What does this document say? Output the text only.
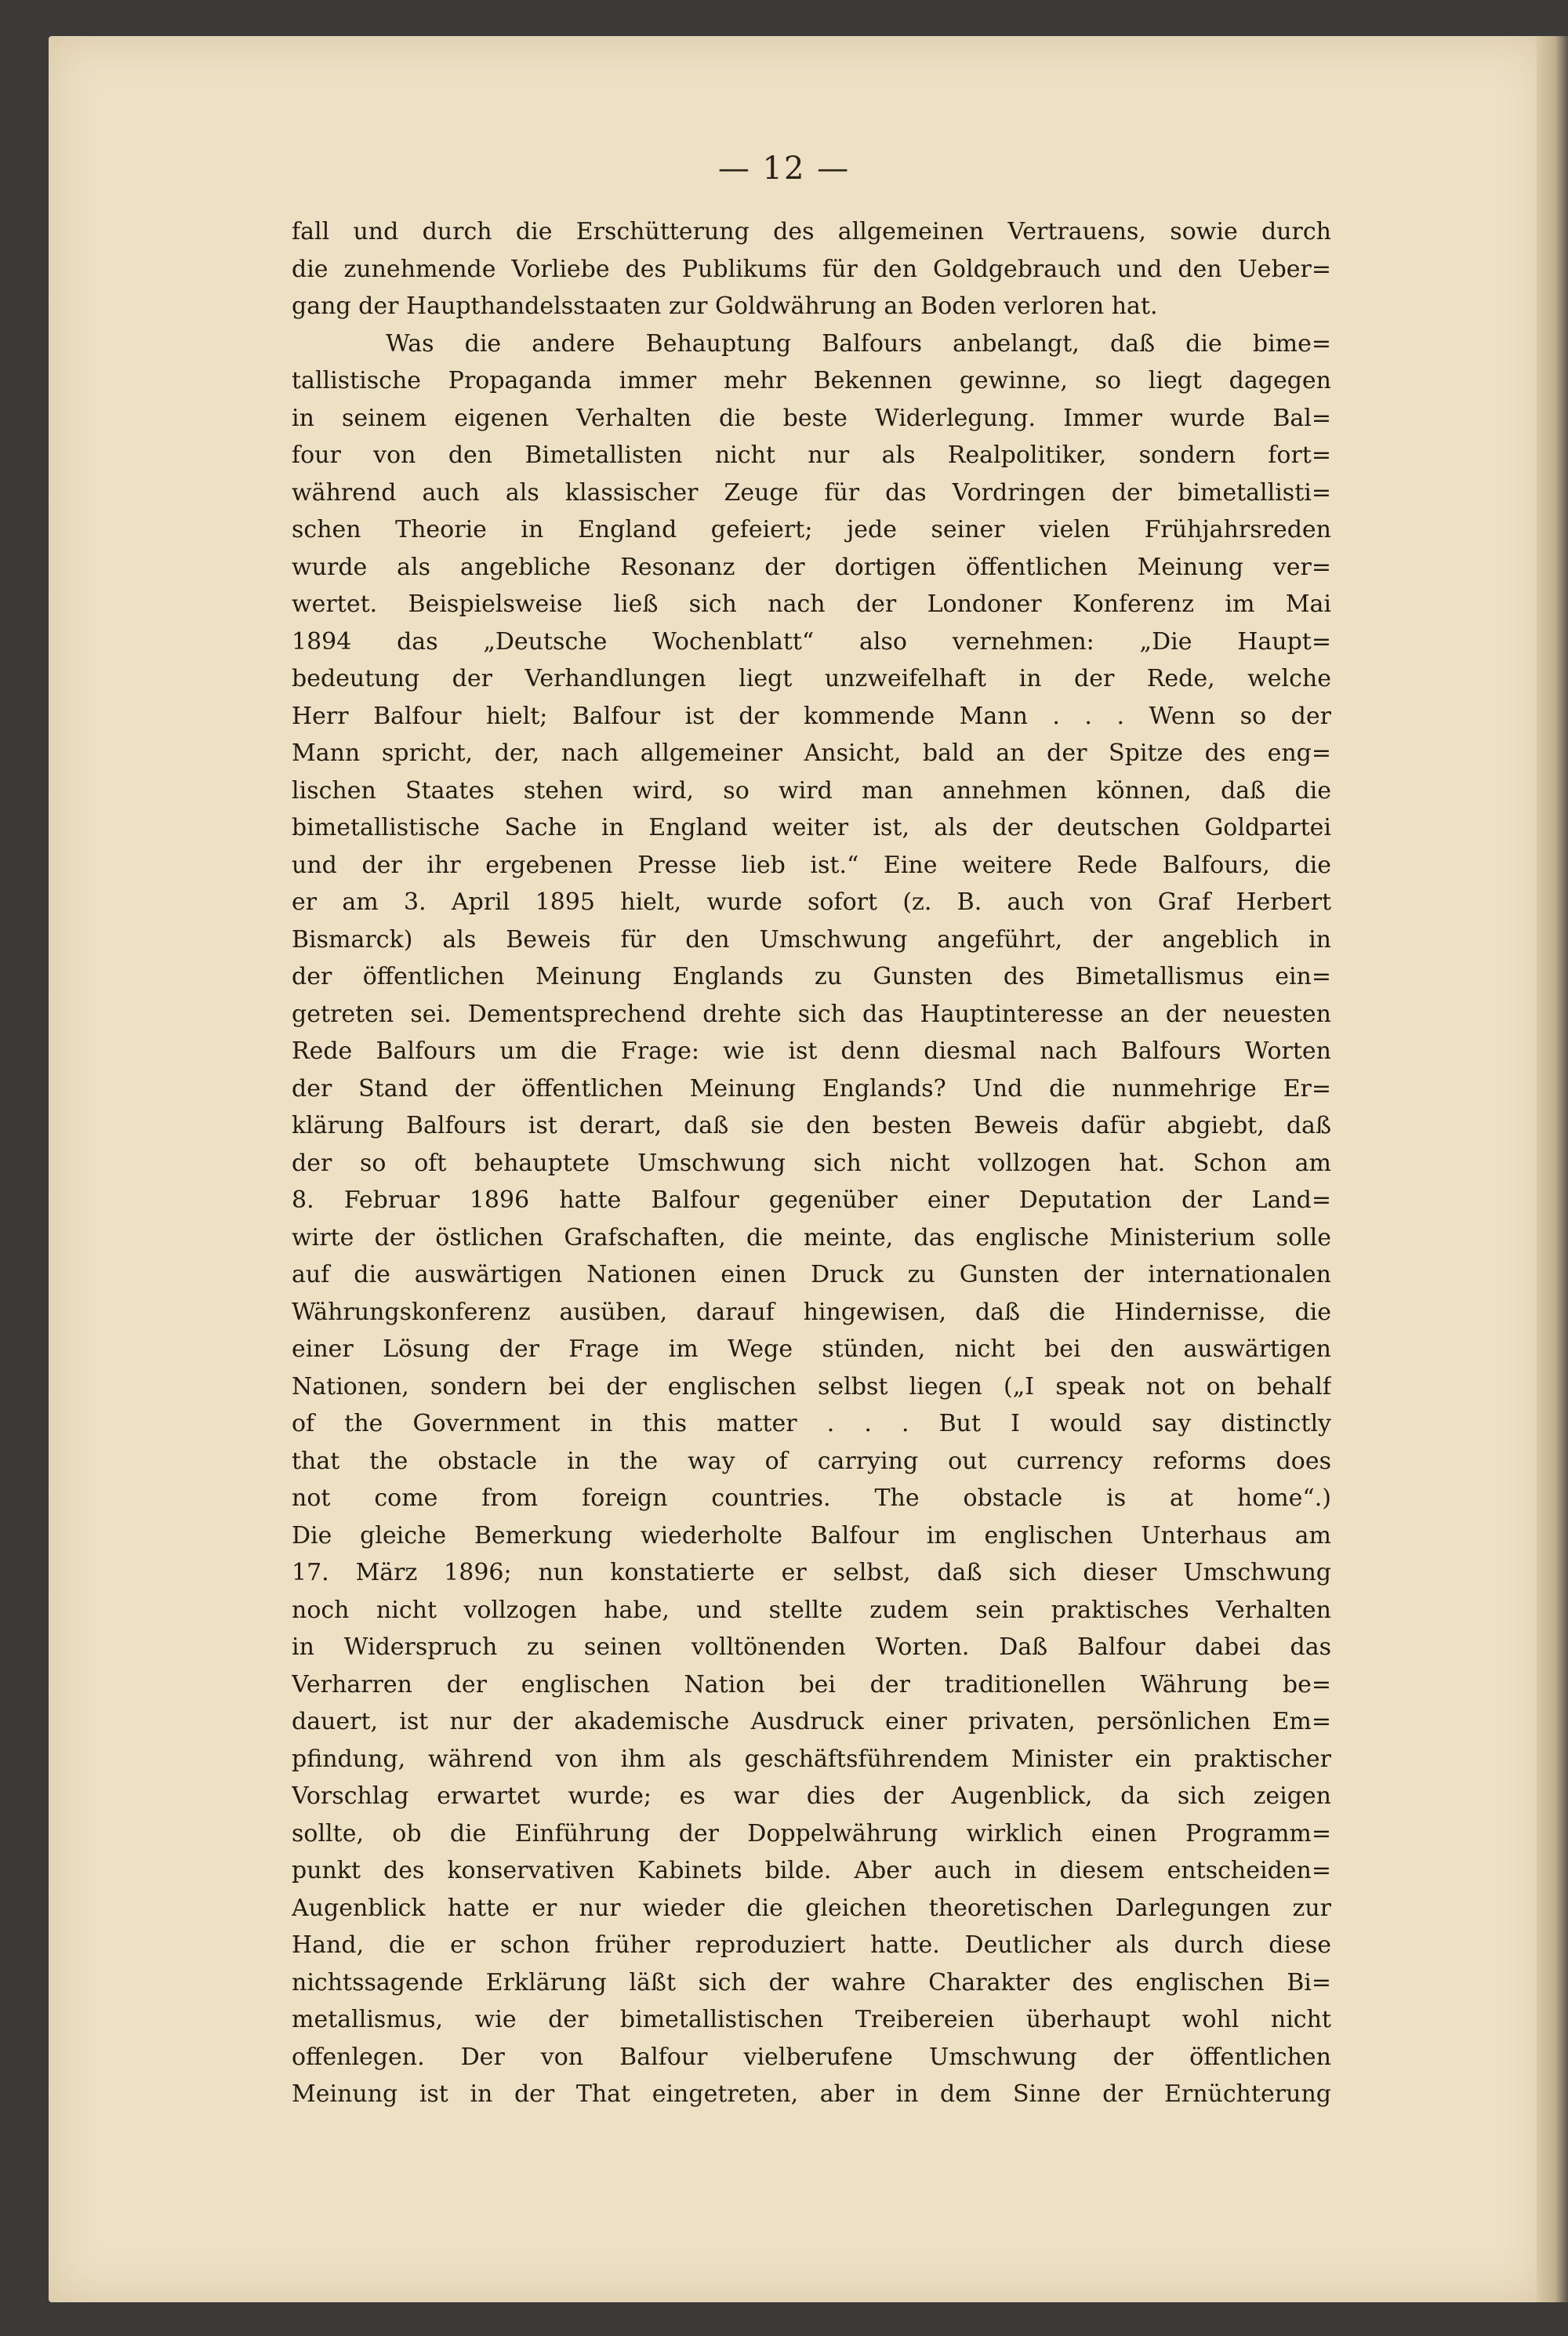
— 12 —
fall und durch die Erschütterung des allgemeinen Vertrauens, sowie durch
die zunehmende Vorliebe des Publikums für den Goldgebrauch und den Ueber=
gang der Haupthandelsstaaten zur Goldwährung an Boden verloren hat.
Was die andere Behauptung Balfours anbelangt, daß die bime=
tallistische Propaganda immer mehr Bekennen gewinne, so liegt dagegen
in seinem eigenen Verhalten die beste Widerlegung. Immer wurde Bal=
four von den Bimetallisten nicht nur als Realpolitiker, sondern fort=
während auch als klassischer Zeuge für das Vordringen der bimetallisti=
schen Theorie in England gefeiert; jede seiner vielen Frühjahrsreden
wurde als angebliche Resonanz der dortigen öffentlichen Meinung ver=
wertet. Beispielsweise ließ sich nach der Londoner Konferenz im Mai
1894 das „Deutsche Wochenblatt“ also vernehmen: „Die Haupt=
bedeutung der Verhandlungen liegt unzweifelhaft in der Rede, welche
Herr Balfour hielt; Balfour ist der kommende Mann . . . Wenn so der
Mann spricht, der, nach allgemeiner Ansicht, bald an der Spitze des eng=
lischen Staates stehen wird, so wird man annehmen können, daß die
bimetallistische Sache in England weiter ist, als der deutschen Goldpartei
und der ihr ergebenen Presse lieb ist.“ Eine weitere Rede Balfours, die
er am 3. April 1895 hielt, wurde sofort (z. B. auch von Graf Herbert
Bismarck) als Beweis für den Umschwung angeführt, der angeblich in
der öffentlichen Meinung Englands zu Gunsten des Bimetallismus ein=
getreten sei. Dementsprechend drehte sich das Hauptinteresse an der neuesten
Rede Balfours um die Frage: wie ist denn diesmal nach Balfours Worten
der Stand der öffentlichen Meinung Englands? Und die nunmehrige Er=
klärung Balfours ist derart, daß sie den besten Beweis dafür abgiebt, daß
der so oft behauptete Umschwung sich nicht vollzogen hat. Schon am
8. Februar 1896 hatte Balfour gegenüber einer Deputation der Land=
wirte der östlichen Grafschaften, die meinte, das englische Ministerium solle
auf die auswärtigen Nationen einen Druck zu Gunsten der internationalen
Währungskonferenz ausüben, darauf hingewisen, daß die Hindernisse, die
einer Lösung der Frage im Wege stünden, nicht bei den auswärtigen
Nationen, sondern bei der englischen selbst liegen („I speak not on behalf
of the Government in this matter . . . But I would say distinctly
that the obstacle in the way of carrying out currency reforms does
not come from foreign countries. The obstacle is at home“.)
Die gleiche Bemerkung wiederholte Balfour im englischen Unterhaus am
17. März 1896; nun konstatierte er selbst, daß sich dieser Umschwung
noch nicht vollzogen habe, und stellte zudem sein praktisches Verhalten
in Widerspruch zu seinen volltönenden Worten. Daß Balfour dabei das
Verharren der englischen Nation bei der traditionellen Währung be=
dauert, ist nur der akademische Ausdruck einer privaten, persönlichen Em=
pfindung, während von ihm als geschäftsführendem Minister ein praktischer
Vorschlag erwartet wurde; es war dies der Augenblick, da sich zeigen
sollte, ob die Einführung der Doppelwährung wirklich einen Programm=
punkt des konservativen Kabinets bilde. Aber auch in diesem entscheiden=
Augenblick hatte er nur wieder die gleichen theoretischen Darlegungen zur
Hand, die er schon früher reproduziert hatte. Deutlicher als durch diese
nichtssagende Erklärung läßt sich der wahre Charakter des englischen Bi=
metallismus, wie der bimetallistischen Treibereien überhaupt wohl nicht
offenlegen. Der von Balfour vielberufene Umschwung der öffentlichen
Meinung ist in der That eingetreten, aber in dem Sinne der Ernüchterung
